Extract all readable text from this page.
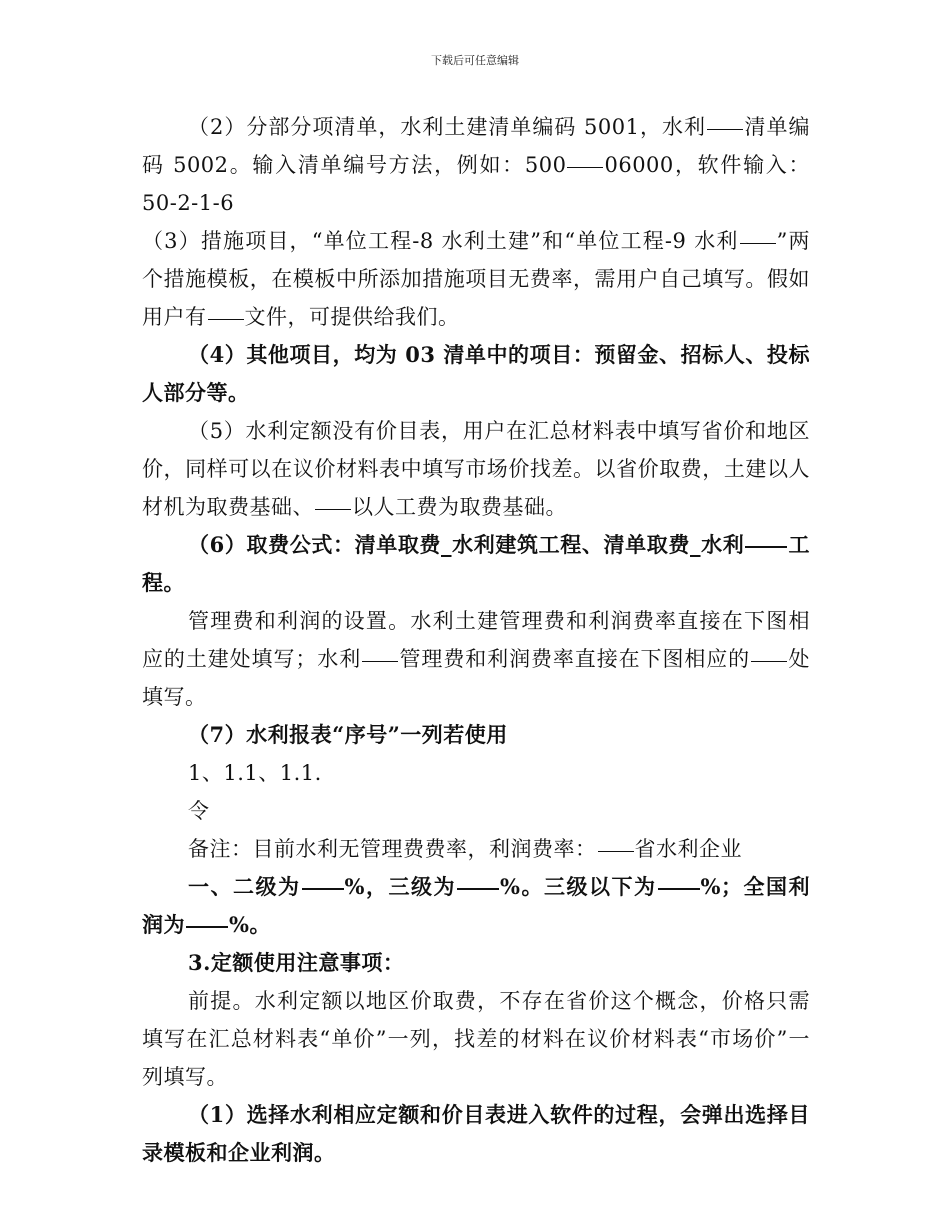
下载后可任意编辑

（2）分部分项清单，水利土建清单编码 5001，水利 清单编码 5002。输入清单编号方法，例如：500 06000，软件输入：50-2-1-6

（3）措施项目，“单位工程-8 水利土建”和“单位工程-9 水利 ”两个措施模板，在模板中所添加措施项目无费率，需用户自己填写。假如用户有 文件，可提供给我们。

（4）其他项目，均为 03 清单中的项目：预留金、招标人、投标人部分等。

（5）水利定额没有价目表，用户在汇总材料表中填写省价和地区价，同样可以在议价材料表中填写市场价找差。以省价取费，土建以人材机为取费基础、 以人工费为取费基础。

（6）取费公式：清单取费_水利建筑工程、清单取费_水利 工程。

管理费和利润的设置。水利土建管理费和利润费率直接在下图相应的土建处填写；水利 管理费和利润费率直接在下图相应的 处填写。

（7）水利报表“序号”一列若使用

1、1.1、1.1.

令

备注：目前水利无管理费费率，利润费率： 省水利企业

一、二级为 %，三级为 %。三级以下为 %；全国利润为 %。

3.定额使用注意事项：

前提。水利定额以地区价取费，不存在省价这个概念，价格只需填写在汇总材料表“单价”一列，找差的材料在议价材料表“市场价”一列填写。

（1）选择水利相应定额和价目表进入软件的过程，会弹出选择目录模板和企业利润。
